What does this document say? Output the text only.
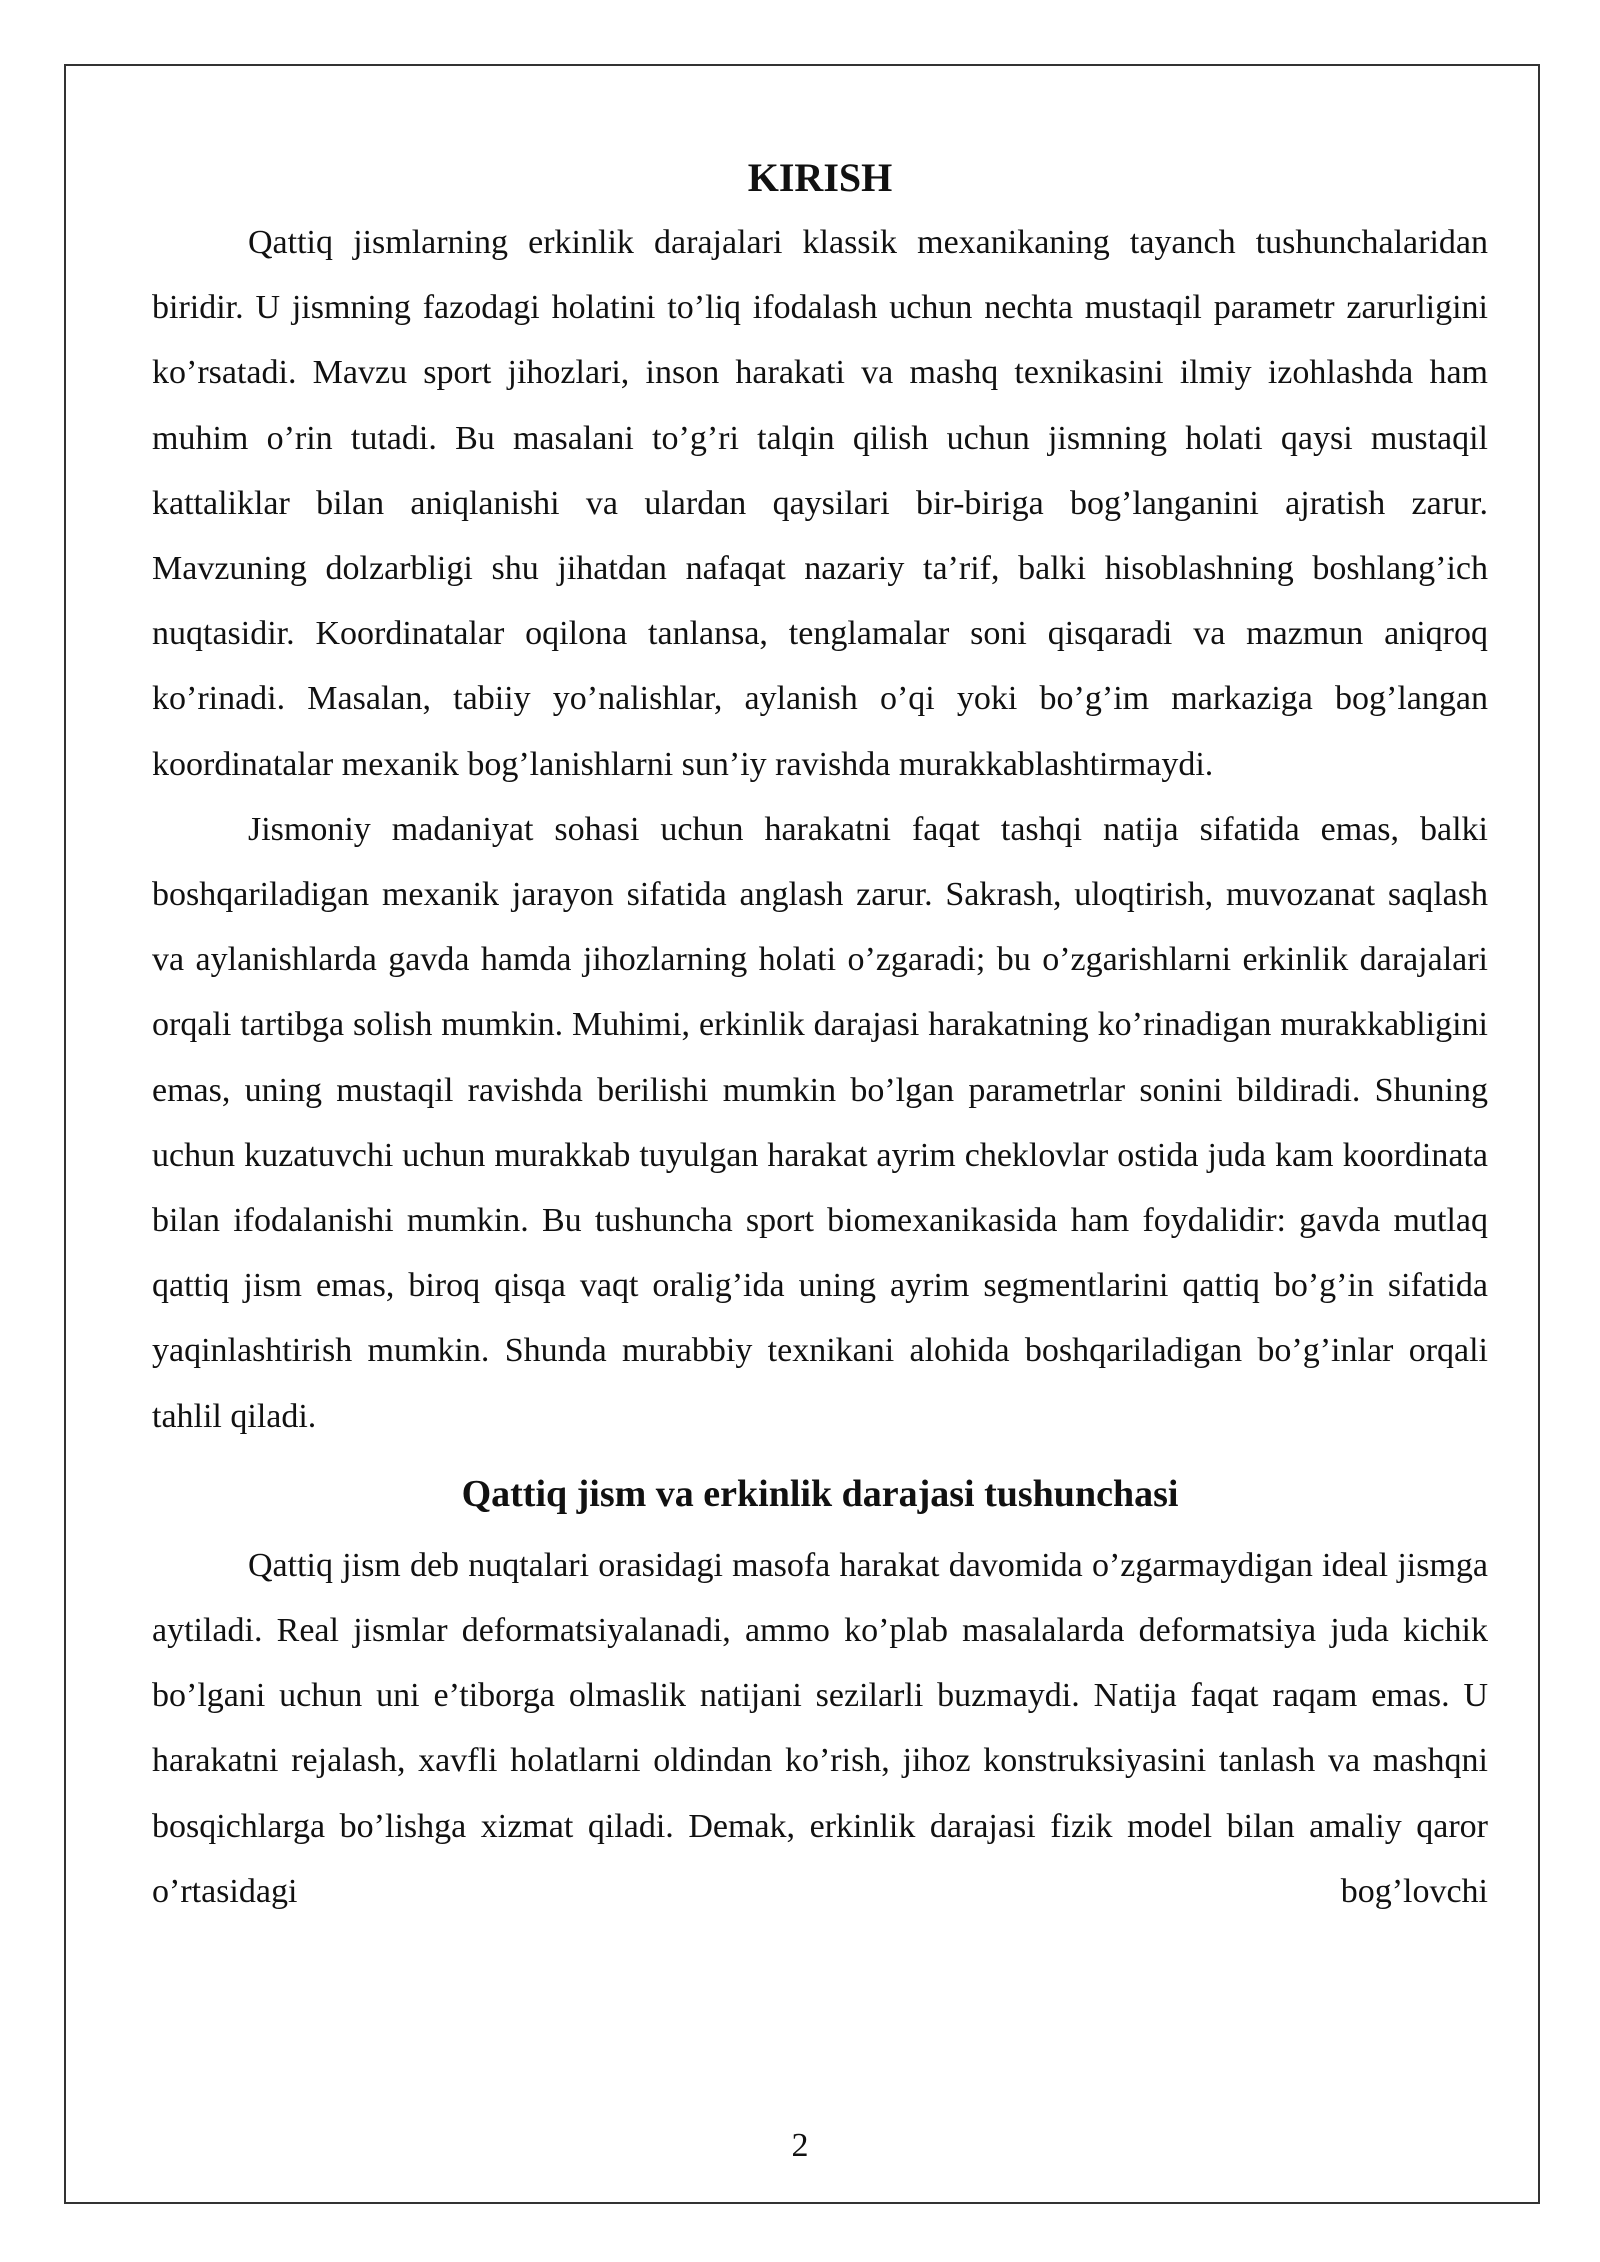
KIRISH

Qattiq jismlarning erkinlik darajalari klassik mexanikaning tayanch tushunchalaridan biridir. U jismning fazodagi holatini to’liq ifodalash uchun nechta mustaqil parametr zarurligini ko’rsatadi. Mavzu sport jihozlari, inson harakati va mashq texnikasini ilmiy izohlashda ham muhim o’rin tutadi. Bu masalani to’g’ri talqin qilish uchun jismning holati qaysi mustaqil kattaliklar bilan aniqlanishi va ulardan qaysilari bir-biriga bog’langanini ajratish zarur. Mavzuning dolzarbligi shu jihatdan nafaqat nazariy ta’rif, balki hisoblashning boshlang’ich nuqtasidir. Koordinatalar oqilona tanlansa, tenglamalar soni qisqaradi va mazmun aniqroq ko’rinadi. Masalan, tabiiy yo’nalishlar, aylanish o’qi yoki bo’g’im markaziga bog’langan koordinatalar mexanik bog’lanishlarni sun’iy ravishda murakkablashtirmaydi.

Jismoniy madaniyat sohasi uchun harakatni faqat tashqi natija sifatida emas, balki boshqariladigan mexanik jarayon sifatida anglash zarur. Sakrash, uloqtirish, muvozanat saqlash va aylanishlarda gavda hamda jihozlarning holati o’zgaradi; bu o’zgarishlarni erkinlik darajalari orqali tartibga solish mumkin. Muhimi, erkinlik darajasi harakatning ko’rinadigan murakkabligini emas, uning mustaqil ravishda berilishi mumkin bo’lgan parametrlar sonini bildiradi. Shuning uchun kuzatuvchi uchun murakkab tuyulgan harakat ayrim cheklovlar ostida juda kam koordinata bilan ifodalanishi mumkin. Bu tushuncha sport biomexanikasida ham foydalidir: gavda mutlaq qattiq jism emas, biroq qisqa vaqt oralig’ida uning ayrim segmentlarini qattiq bo’g’in sifatida yaqinlashtirish mumkin. Shunda murabbiy texnikani alohida boshqariladigan bo’g’inlar orqali tahlil qiladi.

Qattiq jism va erkinlik darajasi tushunchasi

Qattiq jism deb nuqtalari orasidagi masofa harakat davomida o’zgarmaydigan ideal jismga aytiladi. Real jismlar deformatsiyalanadi, ammo ko’plab masalalarda deformatsiya juda kichik bo’lgani uchun uni e’tiborga olmaslik natijani sezilarli buzmaydi. Natija faqat raqam emas. U harakatni rejalash, xavfli holatlarni oldindan ko’rish, jihoz konstruksiyasini tanlash va mashqni bosqichlarga bo’lishga xizmat qiladi. Demak, erkinlik darajasi fizik model bilan amaliy qaror o’rtasidagi bog’lovchi

2
